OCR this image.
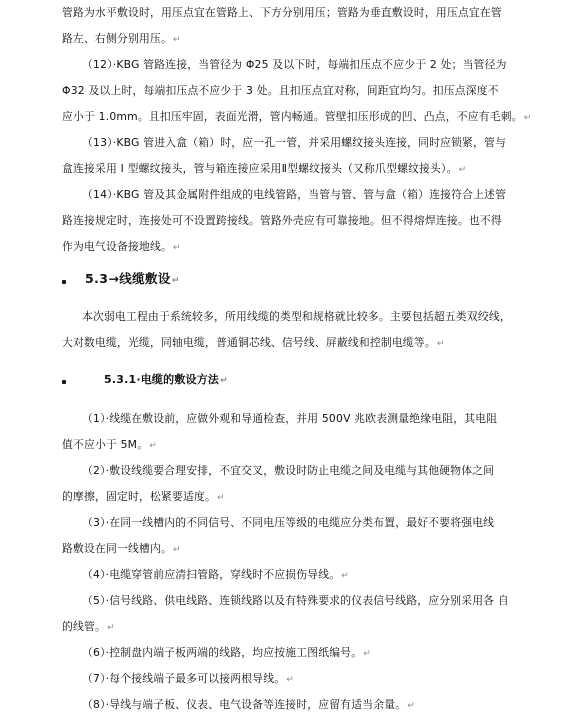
管路为水平敷设时，用压点宜在管路上、下方分别用压；管路为垂直敷设时，用压点宜在管
路左、右侧分别用压。↵
（12）·KBG 管路连接，当管径为 Φ25 及以下时，每端扣压点不应少于 2 处；当管径为
Φ32 及以上时，每端扣压点不应少于 3 处。且扣压点宜对称，间距宜均匀。扣压点深度不
应小于 1.0mm。且扣压牢固，表面光滑，管内畅通。管壁扣压形成的凹、凸点，不应有毛刺。↵
（13）·KBG 管进入盒（箱）时，应一孔一管，并采用螺纹接头连接，同时应锁紧，管与
盒连接采用 I 型螺纹接头，管与箱连接应采用Ⅱ型螺纹接头（又称爪型螺纹接头）。↵
（14）·KBG 管及其金属附件组成的电线管路，当管与管、管与盒（箱）连接符合上述管
路连接规定时，连接处可不设置跨接线。管路外壳应有可靠接地。但不得熔焊连接。也不得
作为电气设备接地线。↵
5.3→线缆敷设↵
本次弱电工程由于系统较多，所用线缆的类型和规格就比较多。主要包括超五类双绞线，
大对数电缆，光缆，同轴电缆，普通铜芯线、信号线、屏蔽线和控制电缆等。↵
5.3.1·电缆的敷设方法↵
（1）·线缆在敷设前，应做外观和导通检查，并用 500V 兆欧表测量绝缘电阻，其电阻
值不应小于 5M。↵
（2）·敷设线缆要合理安排，不宜交叉，敷设时防止电缆之间及电缆与其他硬物体之间
的摩擦，固定时，松紧要适度。↵
（3）·在同一线槽内的不同信号、不同电压等级的电缆应分类布置，最好不要将强电线
路敷设在同一线槽内。↵
（4）·电缆穿管前应清扫管路，穿线时不应损伤导线。↵
（5）·信号线路、供电线路、连锁线路以及有特殊要求的仪表信号线路，应分别采用各 自
的线管。↵
（6）·控制盘内端子板两端的线路，均应按施工图纸编号。↵
（7）·每个接线端子最多可以接两根导线。↵
（8）·导线与端子板、仪表、电气设备等连接时，应留有适当余量。↵
